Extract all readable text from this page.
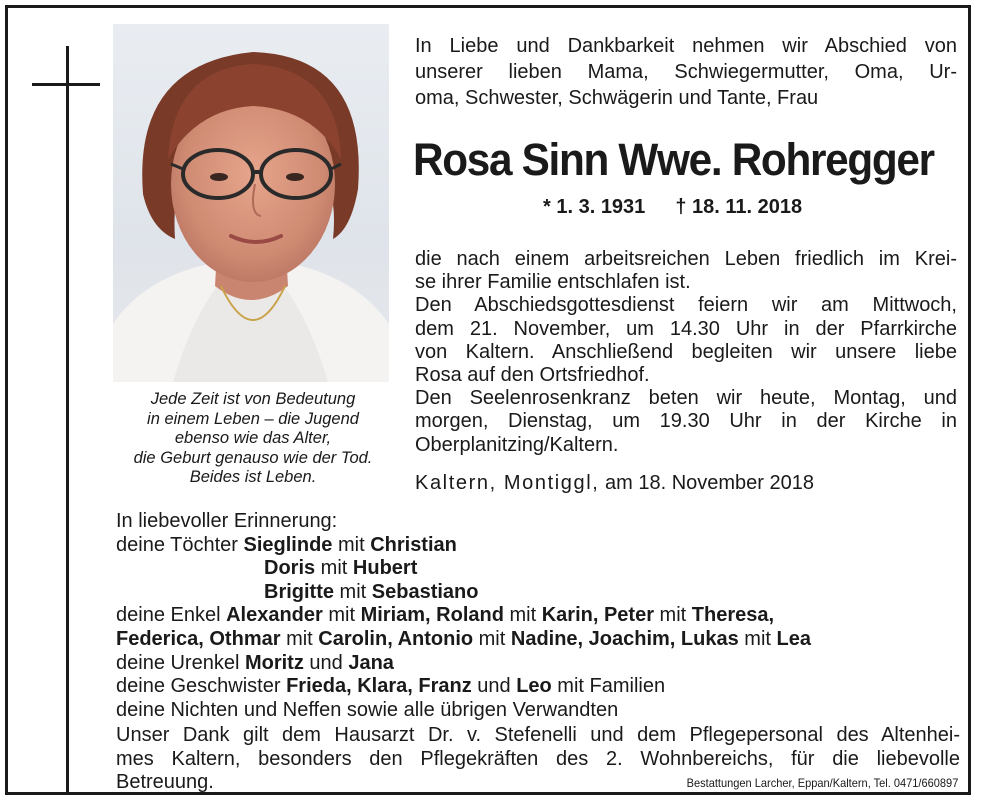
Jede Zeit ist von Bedeutung
in einem Leben – die Jugend
ebenso wie das Alter,
die Geburt genauso wie der Tod.
Beides ist Leben.
In Liebe und Dankbarkeit nehmen wir Abschied von
unserer lieben Mama, Schwiegermutter, Oma, Ur-
oma, Schwester, Schwägerin und Tante, Frau
Rosa Sinn Wwe. Rohregger
* 1. 3. 1931 † 18. 11. 2018
die nach einem arbeitsreichen Leben friedlich im Krei-
se ihrer Familie entschlafen ist.
Den Abschiedsgottesdienst feiern wir am Mittwoch,
dem 21. November, um 14.30 Uhr in der Pfarrkirche
von Kaltern. Anschließend begleiten wir unsere liebe
Rosa auf den Ortsfriedhof.
Den Seelenrosenkranz beten wir heute, Montag, und
morgen, Dienstag, um 19.30 Uhr in der Kirche in
Oberplanitzing/Kaltern.
Kaltern, Montiggl, am 18. November 2018
In liebevoller Erinnerung:
deine Töchter Sieglinde mit Christian
Doris mit Hubert
Brigitte mit Sebastiano
deine Enkel Alexander mit Miriam, Roland mit Karin, Peter mit Theresa,
Federica, Othmar mit Carolin, Antonio mit Nadine, Joachim, Lukas mit Lea
deine Urenkel Moritz und Jana
deine Geschwister Frieda, Klara, Franz und Leo mit Familien
deine Nichten und Neffen sowie alle übrigen Verwandten
Unser Dank gilt dem Hausarzt Dr. v. Stefenelli und dem Pflegepersonal des Altenhei-
mes Kaltern, besonders den Pflegekräften des 2. Wohnbereichs, für die liebevolle
Betreuung.	Bestattungen Larcher, Eppan/Kaltern, Tel. 0471/660897
